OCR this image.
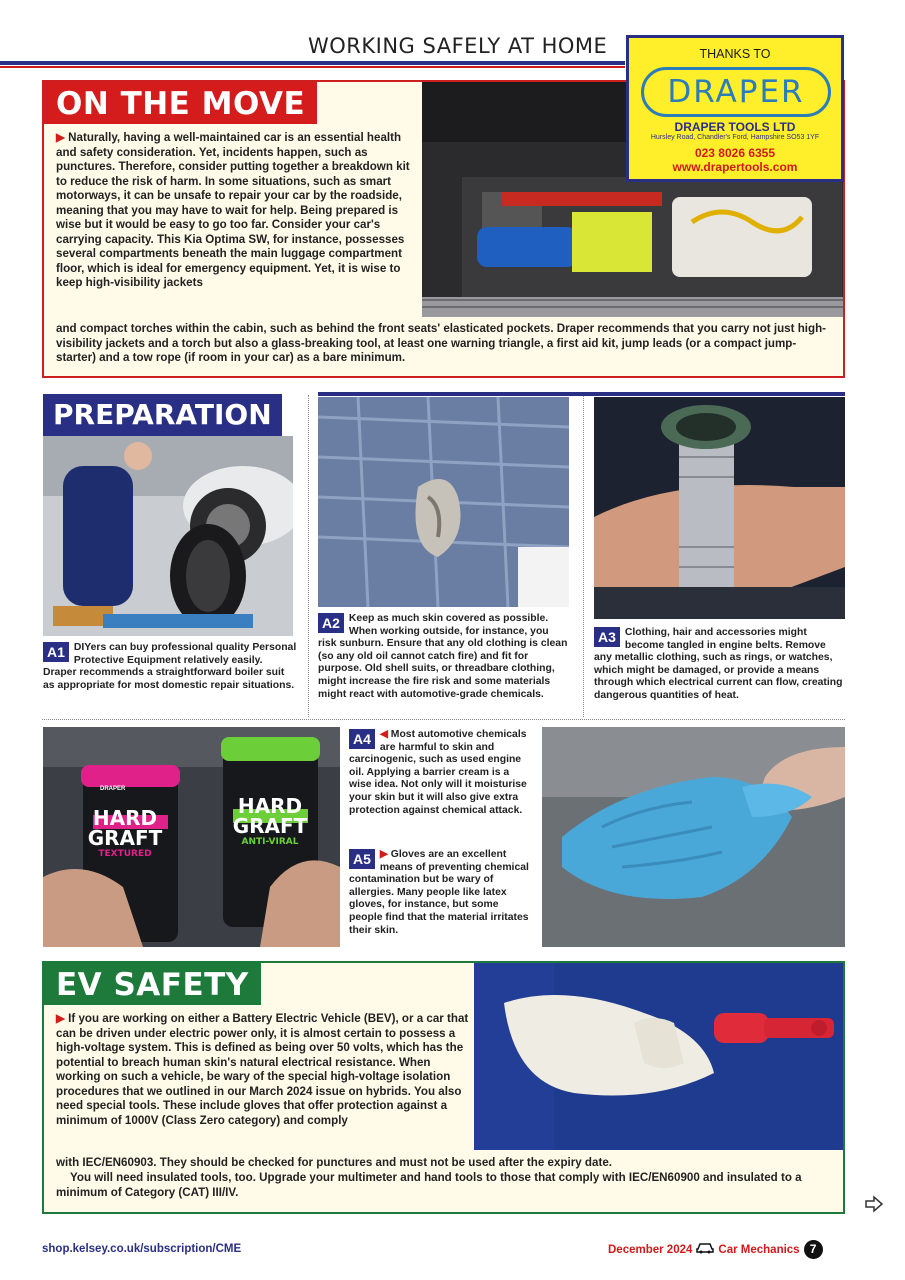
WORKING SAFELY AT HOME
ON THE MOVE
▶ Naturally, having a well-maintained car is an essential health and safety consideration. Yet, incidents happen, such as punctures. Therefore, consider putting together a breakdown kit to reduce the risk of harm. In some situations, such as smart motorways, it can be unsafe to repair your car by the roadside, meaning that you may have to wait for help. Being prepared is wise but it would be easy to go too far. Consider your car's carrying capacity. This Kia Optima SW, for instance, possesses several compartments beneath the main luggage compartment floor, which is ideal for emergency equipment. Yet, it is wise to keep high-visibility jackets
and compact torches within the cabin, such as behind the front seats' elasticated pockets. Draper recommends that you carry not just high-visibility jackets and a torch but also a glass-breaking tool, at least one warning triangle, a first aid kit, jump leads (or a compact jump-starter) and a tow rope (if room in your car) as a bare minimum.
THANKS TO
DRAPER
DRAPER TOOLS LTD
Hursley Road, Chandler's Ford, Hampshire SO53 1YF
023 8026 6355
www.drapertools.com
PREPARATION
A1 DIYers can buy professional quality Personal Protective Equipment relatively easily. Draper recommends a straightforward boiler suit as appropriate for most domestic repair situations.
A2 Keep as much skin covered as possible. When working outside, for instance, you risk sunburn. Ensure that any old clothing is clean (so any old oil cannot catch fire) and fit for purpose. Old shell suits, or threadbare clothing, might increase the fire risk and some materials might react with automotive-grade chemicals.
A3 Clothing, hair and accessories might become tangled in engine belts. Remove any metallic clothing, such as rings, or watches, which might be damaged, or provide a means through which electrical current can flow, creating dangerous quantities of heat.
HARD
GRAFT
TEXTURED
HARD
GRAFT
ANTI-VIRAL
DRAPER
A4 ◀ Most automotive chemicals are harmful to skin and carcinogenic, such as used engine oil. Applying a barrier cream is a wise idea. Not only will it moisturise your skin but it will also give extra protection against chemical attack.
A5 ▶ Gloves are an excellent means of preventing chemical contamination but be wary of allergies. Many people like latex gloves, for instance, but some people find that the material irritates their skin.
EV SAFETY
▶ If you are working on either a Battery Electric Vehicle (BEV), or a car that can be driven under electric power only, it is almost certain to possess a high-voltage system. This is defined as being over 50 volts, which has the potential to breach human skin's natural electrical resistance. When working on such a vehicle, be wary of the special high-voltage isolation procedures that we outlined in our March 2024 issue on hybrids. You also need special tools. These include gloves that offer protection against a minimum of 1000V (Class Zero category) and comply
with IEC/EN60903. They should be checked for punctures and must not be used after the expiry date.
You will need insulated tools, too. Upgrade your multimeter and hand tools to those that comply with IEC/EN60900 and insulated to a minimum of Category (CAT) III/IV.
shop.kelsey.co.uk/subscription/CME	December 2024 Car Mechanics 7
